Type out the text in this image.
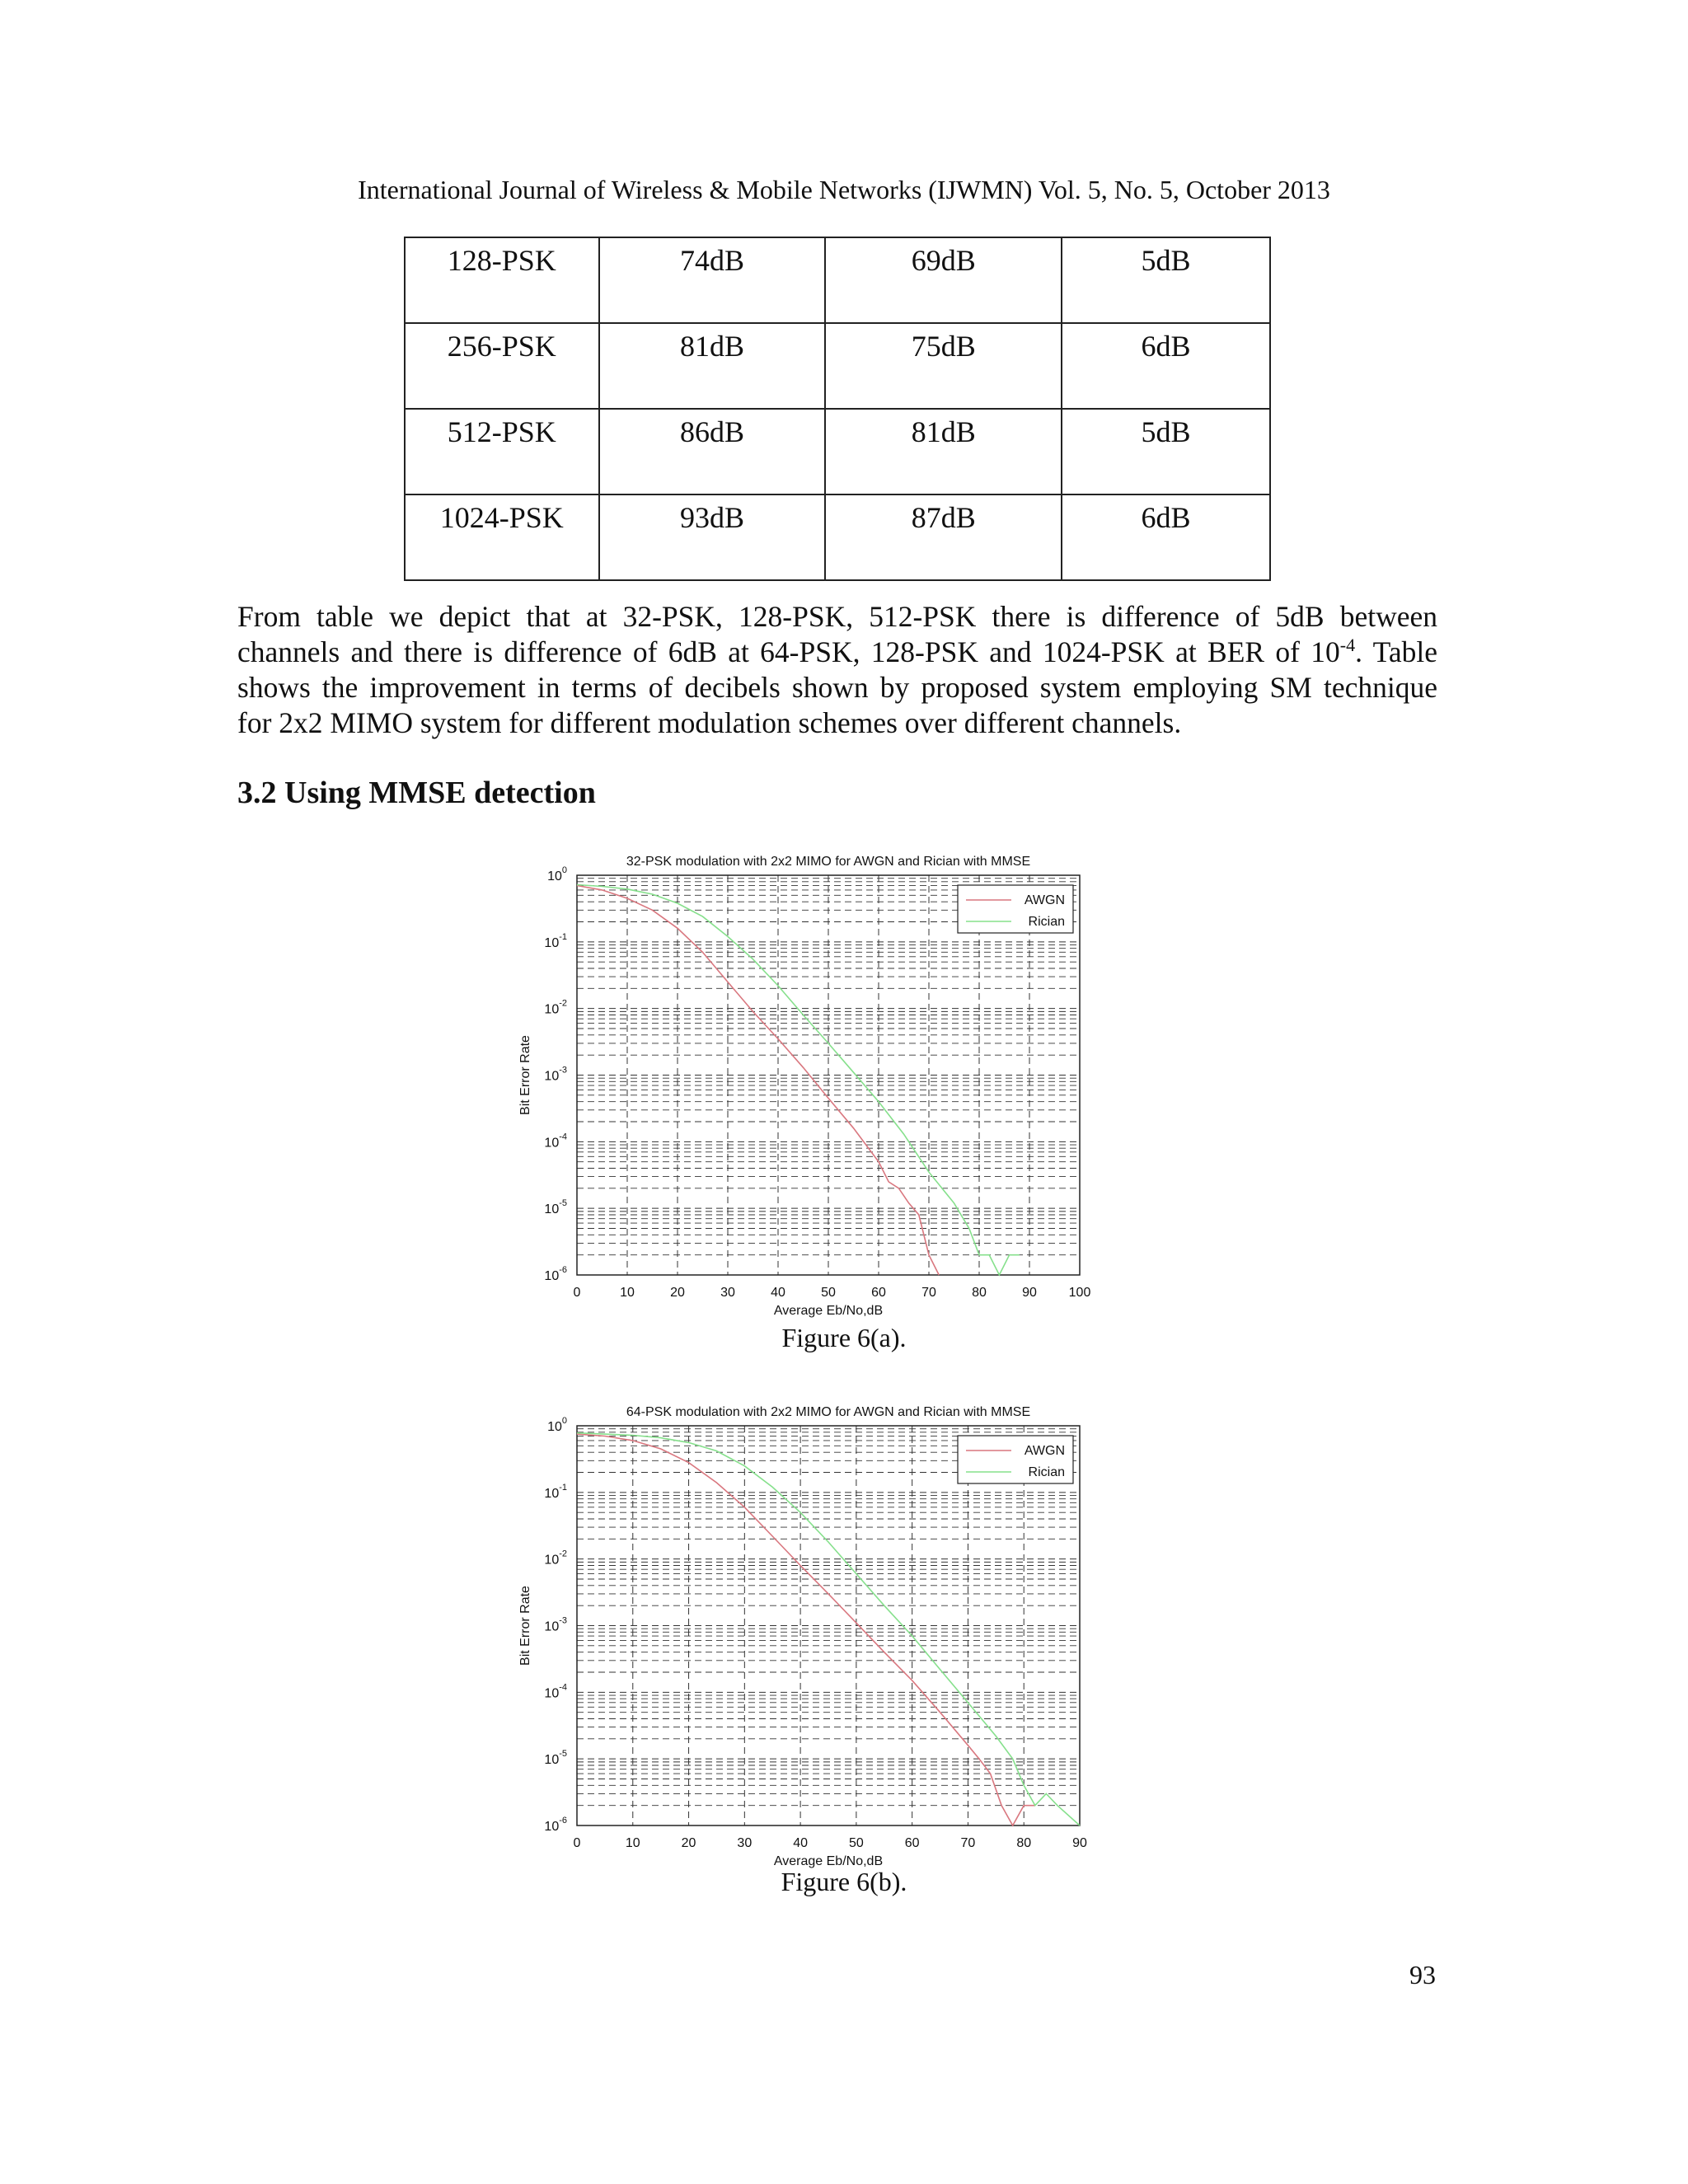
International Journal of Wireless & Mobile Networks (IJWMN) Vol. 5, No. 5, October 2013
128-PSK	74dB	69dB	5dB
256-PSK	81dB	75dB	6dB
512-PSK	86dB	81dB	5dB
1024-PSK	93dB	87dB	6dB
From table we depict that at 32-PSK, 128-PSK, 512-PSK there is difference of 5dB between
channels and there is difference of 6dB at 64-PSK, 128-PSK and 1024-PSK at BER of $10^{-4}$. Table
shows the improvement in terms of decibels shown by proposed system employing SM technique
for 2x2 MIMO system for different modulation schemes over different channels.
3.2 Using MMSE detection
0	10	20	30	40	50	60	70	80	90 100
$10^{-6}$
$10^{-5}$
$10^{-4}$
$10^{-3}$
$10^{-2}$
$10^{-1}$
$10^0$
32-PSK modulation with 2x2 MIMO for AWGN and Rician with MMSE
Average Eb/No,dB
Bit Error Rate
AWGN
Rician
Figure 6(a).
0	10	20	30	40	50	60	70	80	90
$10^{-6}$
$10^{-5}$
$10^{-4}$
$10^{-3}$
$10^{-2}$
$10^{-1}$
$10^0$
64-PSK modulation with 2x2 MIMO for AWGN and Rician with MMSE
Average Eb/No,dB
Bit Error Rate
AWGN
Rician
Figure 6(b).
93
